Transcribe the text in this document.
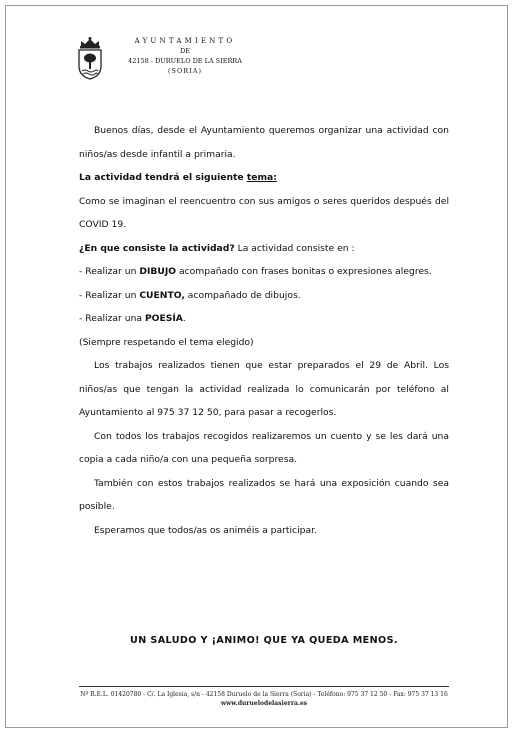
AYUNTAMIENTO
DE
42158 - DURUELO DE LA SIERRA
(SORIA)

Buenos días, desde el Ayuntamiento queremos organizar una actividad con niños/as desde infantil a primaria.

La actividad tendrá el siguiente tema:

Como se imaginan el reencuentro con sus amigos o seres queridos después del COVID 19.

¿En que consiste la actividad? La actividad consiste en :

- Realizar un DIBUJO acompañado con frases bonitas o expresiones alegres.

- Realizar un CUENTO, acompañado de dibujos.

- Realizar una POESÍA.

(Siempre respetando el tema elegido)

Los trabajos realizados tienen que estar preparados el 29 de Abril. Los niños/as que tengan la actividad realizada lo comunicarán por teléfono al Ayuntamiento al 975 37 12 50, para pasar a recogerlos.

Con todos los trabajos recogidos realizaremos un cuento y se les dará una copia a cada niño/a con una pequeña sorpresa.

También con estos trabajos realizados se hará una exposición cuando sea posible.

Esperamos que todos/as os animéis a participar.

UN SALUDO Y ¡ANIMO! QUE YA QUEDA MENOS.
Nº R.E.L. 01420780 - C/. La Iglesia, s/n - 42158 Duruelo de la Sierra (Soria) - Teléfono: 975 37 12 50 - Fax: 975 37 13 16
www.duruelodelasierra.es
